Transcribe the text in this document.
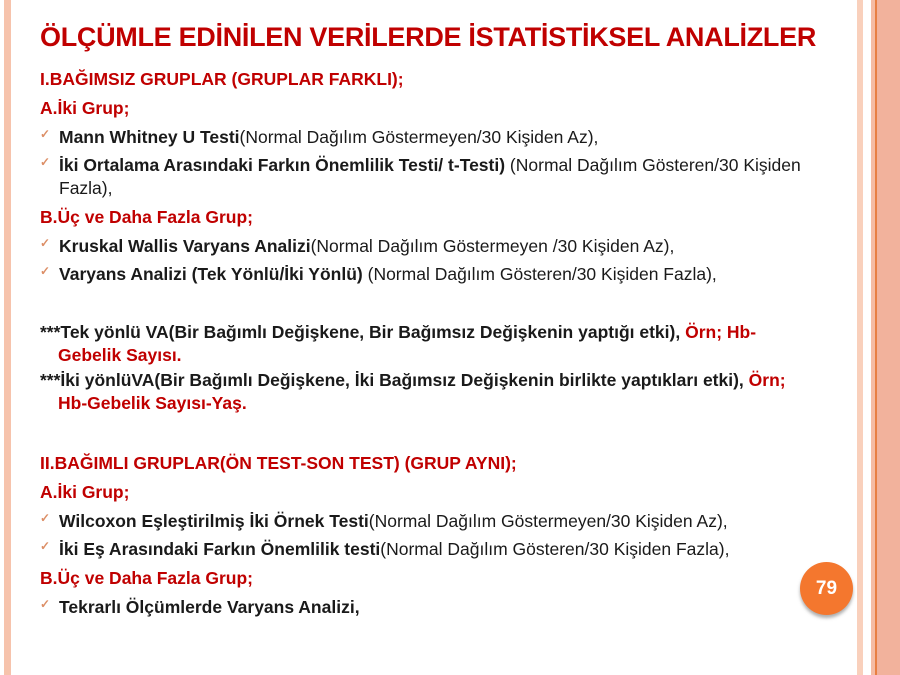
ÖLÇÜMLE EDİNİLEN VERİLERDE İSTATİSTİKSEL ANALİZLER
I.BAĞIMSIZ GRUPLAR (GRUPLAR FARKLI);
A.İki Grup;
✓ Mann Whitney U Testi(Normal Dağılım Göstermeyen/30 Kişiden Az),
✓ İki Ortalama Arasındaki Farkın Önemlilik Testi/ t-Testi) (Normal Dağılım Gösteren/30 Kişiden Fazla),
B.Üç ve Daha Fazla Grup;
✓ Kruskal Wallis Varyans Analizi(Normal Dağılım Göstermeyen /30 Kişiden Az),
✓ Varyans Analizi (Tek Yönlü/İki Yönlü) (Normal Dağılım Gösteren/30 Kişiden Fazla),
***Tek yönlü VA(Bir Bağımlı Değişkene, Bir Bağımsız Değişkenin yaptığı etki), Örn; Hb-Gebelik Sayısı.
***İki yönlüVA(Bir Bağımlı Değişkene, İki Bağımsız Değişkenin birlikte yaptıkları etki), Örn; Hb-Gebelik Sayısı-Yaş.
II.BAĞIMLI GRUPLAR(ÖN TEST-SON TEST) (GRUP AYNI);
A.İki Grup;
✓ Wilcoxon Eşleştirilmiş İki Örnek Testi(Normal Dağılım Göstermeyen/30 Kişiden Az),
✓ İki Eş Arasındaki Farkın Önemlilik testi(Normal Dağılım Gösteren/30 Kişiden Fazla),
B.Üç ve Daha Fazla Grup;
✓ Tekrarlı Ölçümlerde Varyans Analizi,
79
